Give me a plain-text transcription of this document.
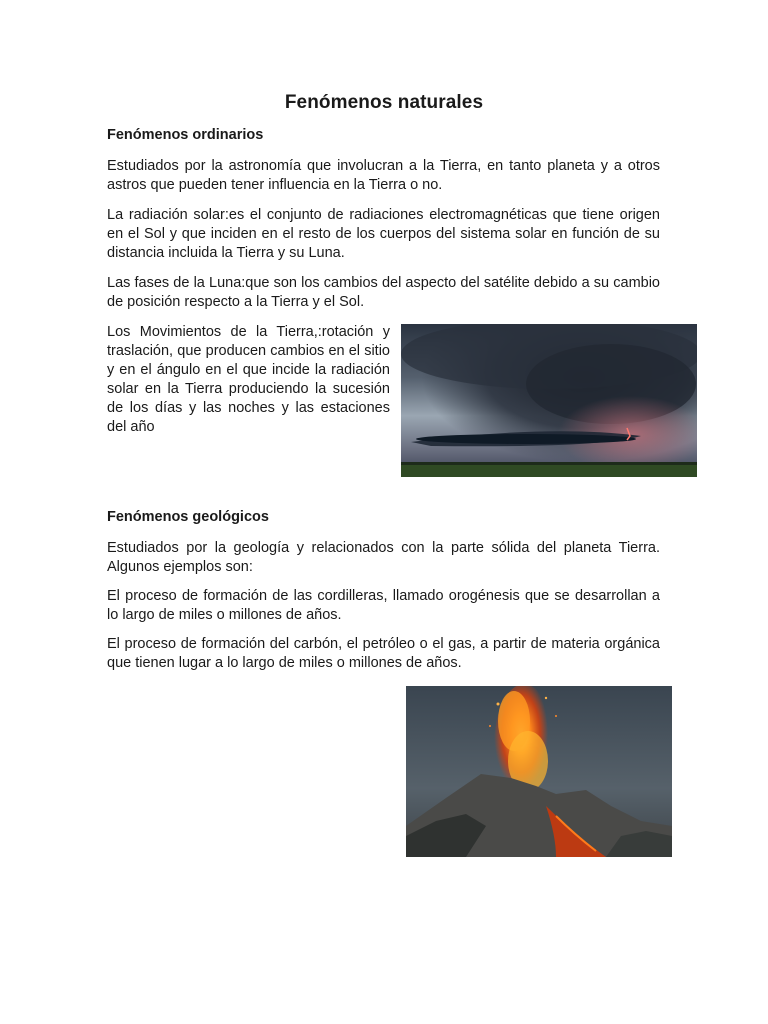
Fenómenos naturales
Fenómenos ordinarios

Estudiados por la astronomía que involucran a la Tierra, en tanto planeta y a otros astros que pueden tener influencia en la Tierra o no.

La radiación solar:es el conjunto de radiaciones electromagnéticas que tiene origen en el Sol y que inciden en el resto de los cuerpos del sistema solar en función de su distancia incluida la Tierra y su Luna.

Las fases de la Luna:que son los cambios del aspecto del satélite debido a su cambio de posición respecto a la Tierra y el Sol.

Los Movimientos de la Tierra,:rotación y traslación, que producen cambios en el sitio y en el ángulo en el que incide la radiación solar en la Tierra produciendo la sucesión de los días y las noches y las estaciones del año

Fenómenos geológicos

Estudiados por la geología y relacionados con la parte sólida del planeta Tierra. Algunos ejemplos son:

El proceso de formación de las cordilleras, llamado orogénesis que se desarrollan a lo largo de miles o millones de años.

El proceso de formación del carbón, el petróleo o el gas, a partir de materia orgánica que tienen lugar a lo largo de miles o millones de años.
